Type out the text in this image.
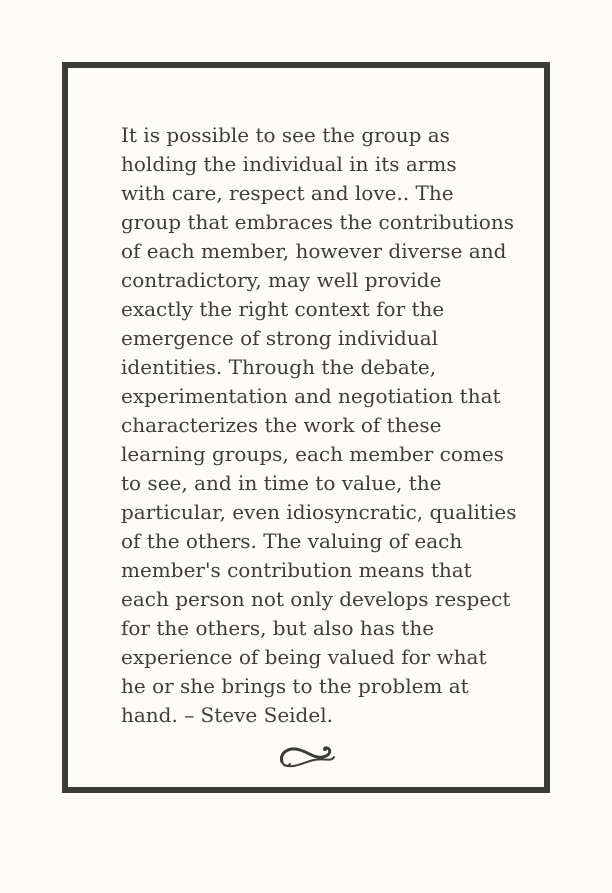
It is possible to see the group as
holding the individual in its arms
with care, respect and love.. The
group that embraces the contributions
of each member, however diverse and
contradictory, may well provide
exactly the right context for the
emergence of strong individual
identities. Through the debate,
experimentation and negotiation that
characterizes the work of these
learning groups, each member comes
to see, and in time to value, the
particular, even idiosyncratic, qualities
of the others. The valuing of each
member's contribution means that
each person not only develops respect
for the others, but also has the
experience of being valued for what
he or she brings to the problem at
hand. – Steve Seidel.
